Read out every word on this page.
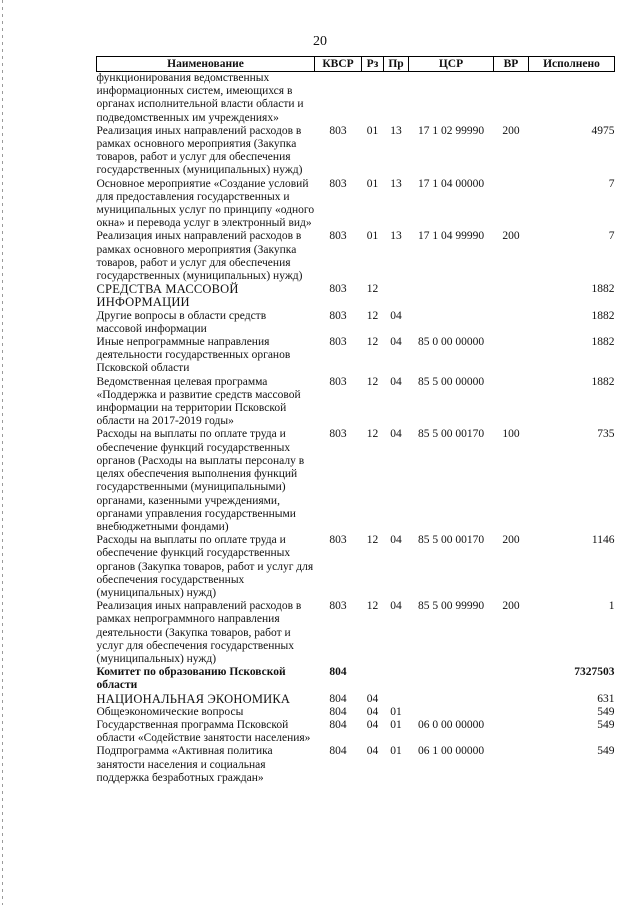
20
Наименование	КВСР	Рз	Пр	ЦСР	ВР	Исполнено
функционирования ведомственных информационных систем, имеющихся в органах исполнительной власти области и подведомственных им учреждениях»						
Реализация иных направлений расходов в рамках основного мероприятия (Закупка товаров, работ и услуг для обеспечения государственных (муниципальных) нужд)	803	01	13	17 1 02 99990	200	4975
Основное мероприятие «Создание условий для предоставления государственных и муниципальных услуг по принципу «одного окна» и перевода услуг в электронный вид»	803	01	13	17 1 04 00000		7
Реализация иных направлений расходов в рамках основного мероприятия (Закупка товаров, работ и услуг для обеспечения государственных (муниципальных) нужд)	803	01	13	17 1 04 99990	200	7
СРЕДСТВА МАССОВОЙ ИНФОРМАЦИИ	803	12				1882
Другие вопросы в области средств массовой информации	803	12	04			1882
Иные непрограммные направления деятельности государственных органов Псковской области	803	12	04	85 0 00 00000		1882
Ведомственная целевая программа «Поддержка и развитие средств массовой информации на территории Псковской области на 2017-2019 годы»	803	12	04	85 5 00 00000		1882
Расходы на выплаты по оплате труда и обеспечение функций государственных органов (Расходы на выплаты персоналу в целях обеспечения выполнения функций государственными (муниципальными) органами, казенными учреждениями, органами управления государственными внебюджетными фондами)	803	12	04	85 5 00 00170	100	735
Расходы на выплаты по оплате труда и обеспечение функций государственных органов (Закупка товаров, работ и услуг для обеспечения государственных (муниципальных) нужд)	803	12	04	85 5 00 00170	200	1146
Реализация иных направлений расходов в рамках непрограммного направления деятельности (Закупка товаров, работ и услуг для обеспечения государственных (муниципальных) нужд)	803	12	04	85 5 00 99990	200	1
Комитет по образованию Псковской области	804					7327503
НАЦИОНАЛЬНАЯ ЭКОНОМИКА	804	04				631
Общеэкономические вопросы	804	04	01			549
Государственная программа Псковской области «Содействие занятости населения»	804	04	01	06 0 00 00000		549
Подпрограмма «Активная политика занятости населения и социальная поддержка безработных граждан»	804	04	01	06 1 00 00000		549
